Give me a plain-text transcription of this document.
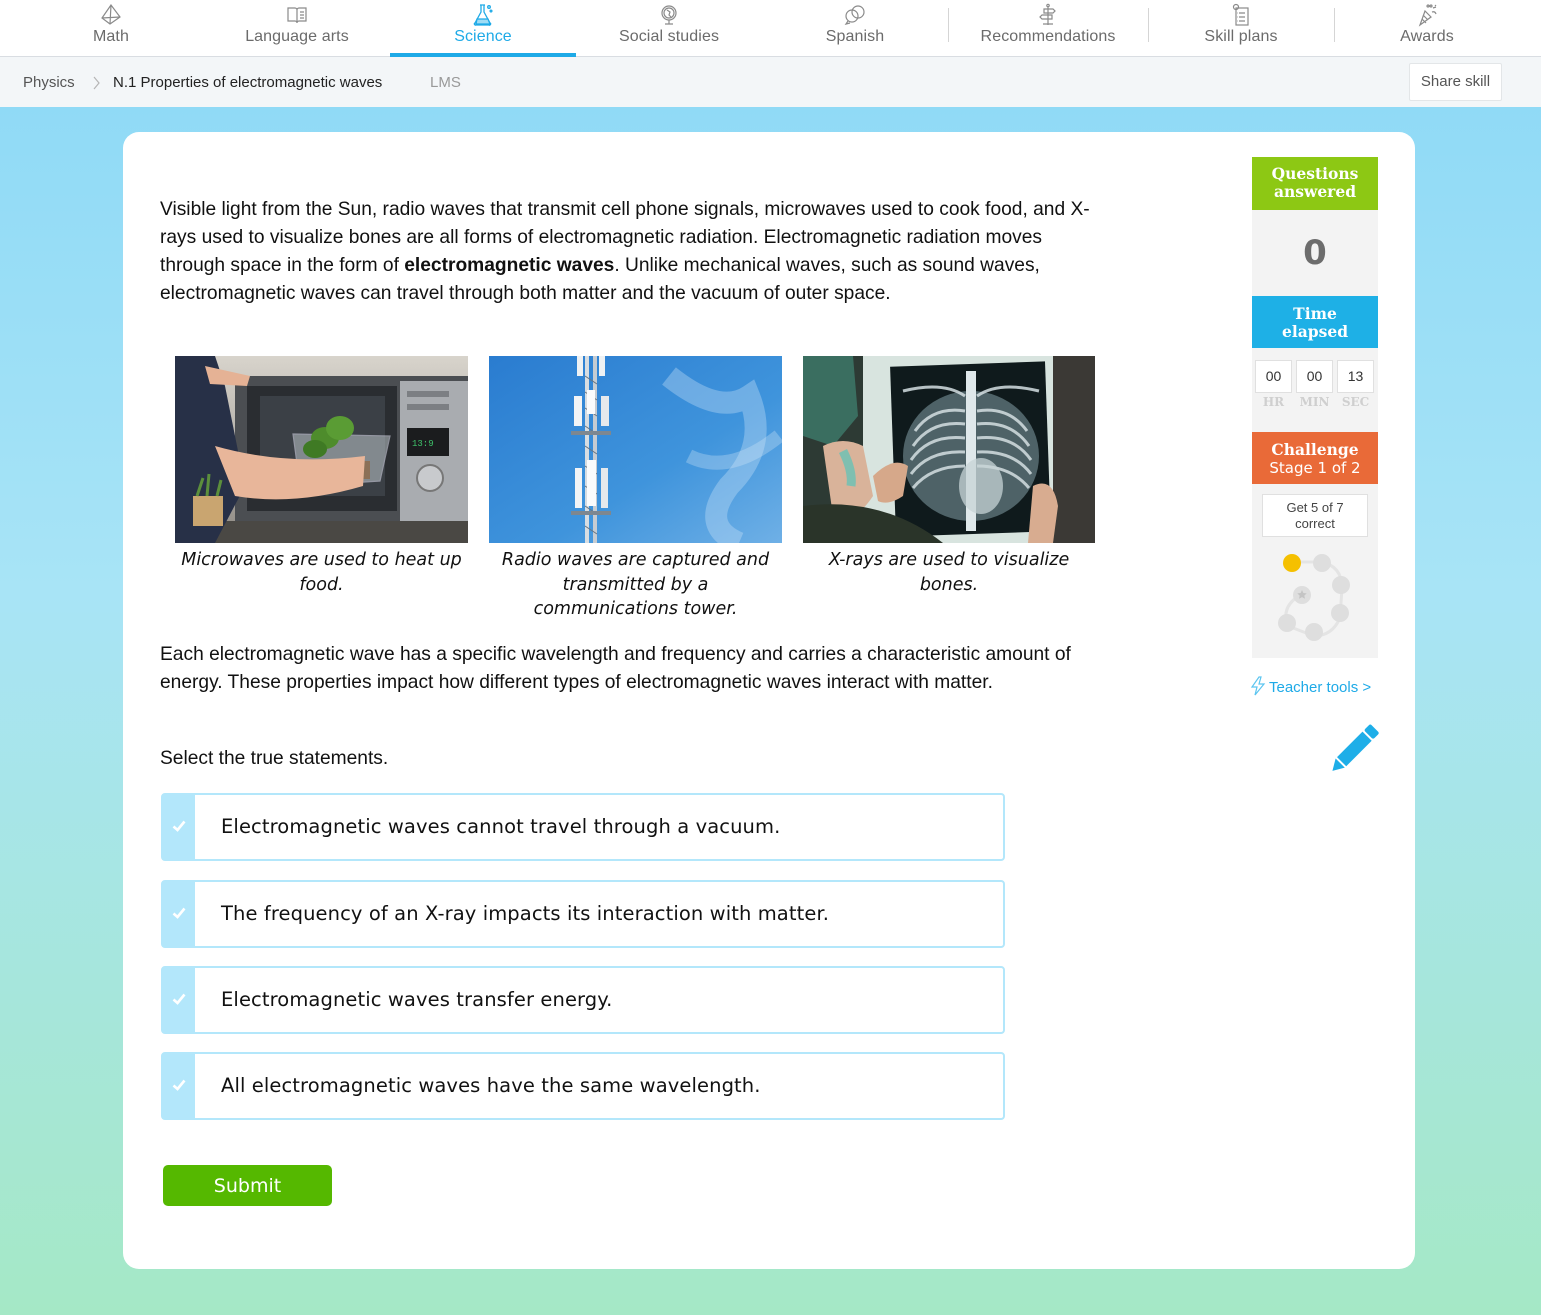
Math	Language arts	Science	Social studies	Spanish	Recommendations	Skill plans	Awards
Physics	N.1 Properties of electromagnetic waves	LMS	Share skill

Visible light from the Sun, radio waves that transmit cell phone signals, microwaves used to cook food, and X-rays used to visualize bones are all forms of electromagnetic radiation. Electromagnetic radiation moves through space in the form of electromagnetic waves. Unlike mechanical waves, such as sound waves, electromagnetic waves can travel through both matter and the vacuum of outer space.

13:9
Microwaves are used to heat up food.
Radio waves are captured and transmitted by a communications tower.
X-rays are used to visualize bones.

Each electromagnetic wave has a specific wavelength and frequency and carries a characteristic amount of energy. These properties impact how different types of electromagnetic waves interact with matter.

Select the true statements.

Electromagnetic waves cannot travel through a vacuum.
The frequency of an X-ray impacts its interaction with matter.
Electromagnetic waves transfer energy.
All electromagnetic waves have the same wavelength.
Submit
Questions
answered
0
Time
elapsed
00	00	13
HR	MIN	SEC
Challenge
Stage 1 of 2
Get 5 of 7
correct
Teacher tools >
